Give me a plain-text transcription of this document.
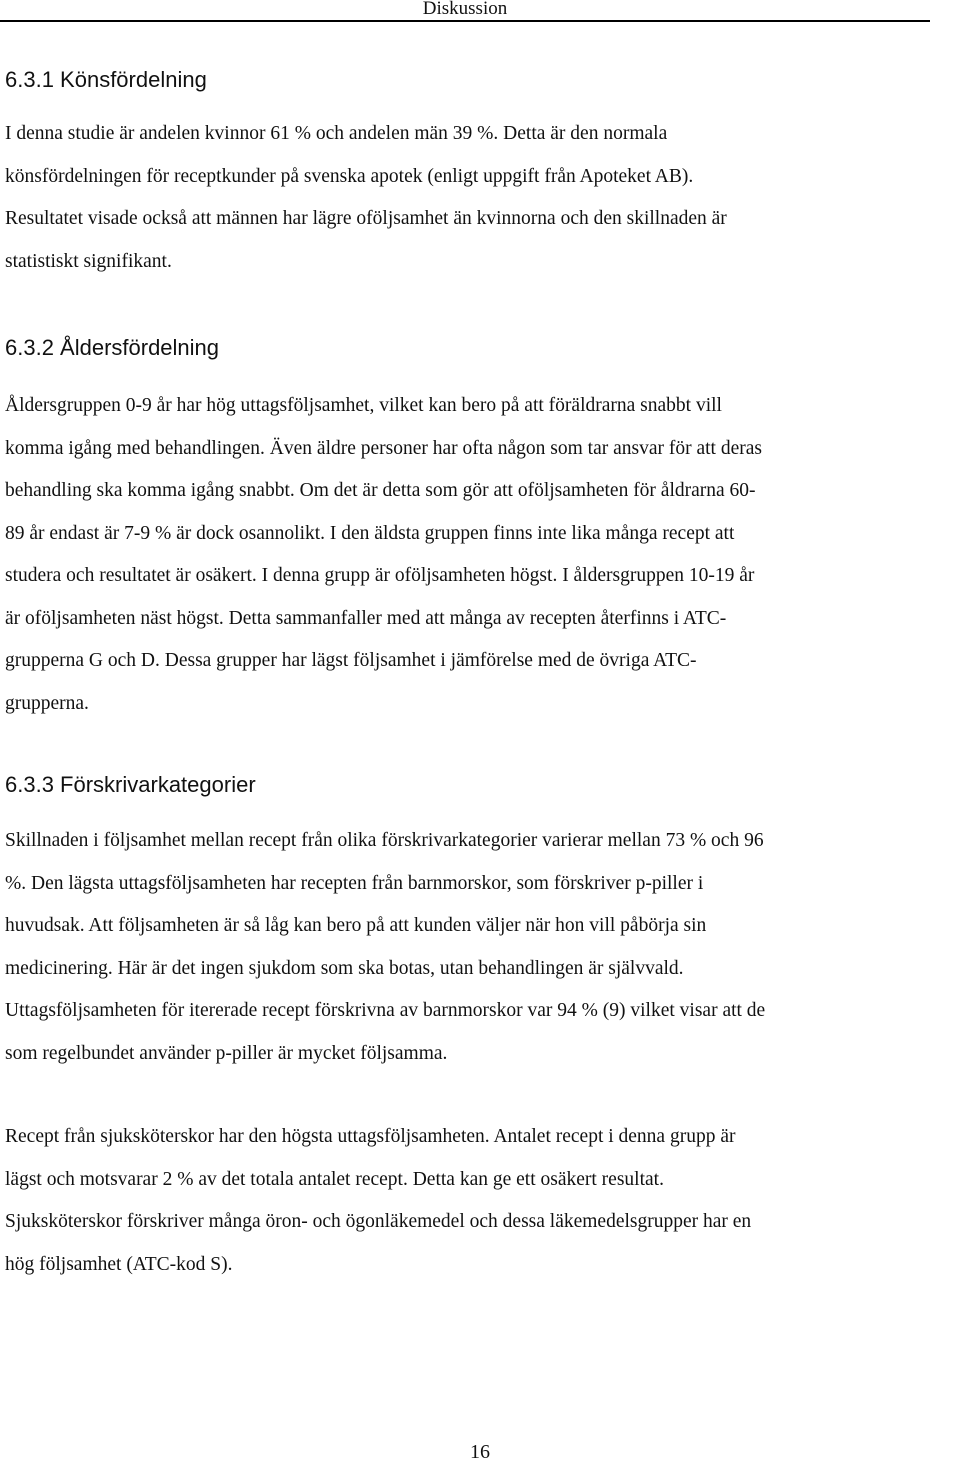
Diskussion
6.3.1 Könsfördelning
I denna studie är andelen kvinnor 61 % och andelen män 39 %. Detta är den normala
könsfördelningen för receptkunder på svenska apotek (enligt uppgift från Apoteket AB).
Resultatet visade också att männen har lägre oföljsamhet än kvinnorna och den skillnaden är
statistiskt signifikant.
6.3.2 Åldersfördelning
Åldersgruppen 0-9 år har hög uttagsföljsamhet, vilket kan bero på att föräldrarna snabbt vill
komma igång med behandlingen. Även äldre personer har ofta någon som tar ansvar för att deras
behandling ska komma igång snabbt. Om det är detta som gör att oföljsamheten för åldrarna 60-
89 år endast är 7-9 % är dock osannolikt. I den äldsta gruppen finns inte lika många recept att
studera och resultatet är osäkert. I denna grupp är oföljsamheten högst. I åldersgruppen 10-19 år
är oföljsamheten näst högst. Detta sammanfaller med att många av recepten återfinns i ATC-
grupperna G och D. Dessa grupper har lägst följsamhet i jämförelse med de övriga ATC-
grupperna.
6.3.3 Förskrivarkategorier
Skillnaden i följsamhet mellan recept från olika förskrivarkategorier varierar mellan 73 % och 96
%. Den lägsta uttagsföljsamheten har recepten från barnmorskor, som förskriver p-piller i
huvudsak. Att följsamheten är så låg kan bero på att kunden väljer när hon vill påbörja sin
medicinering. Här är det ingen sjukdom som ska botas, utan behandlingen är självvald.
Uttagsföljsamheten för itererade recept förskrivna av barnmorskor var 94 % (9) vilket visar att de
som regelbundet använder p-piller är mycket följsamma.
Recept från sjuksköterskor har den högsta uttagsföljsamheten. Antalet recept i denna grupp är
lägst och motsvarar 2 % av det totala antalet recept. Detta kan ge ett osäkert resultat.
Sjuksköterskor förskriver många öron- och ögonläkemedel och dessa läkemedelsgrupper har en
hög följsamhet (ATC-kod S).
16
